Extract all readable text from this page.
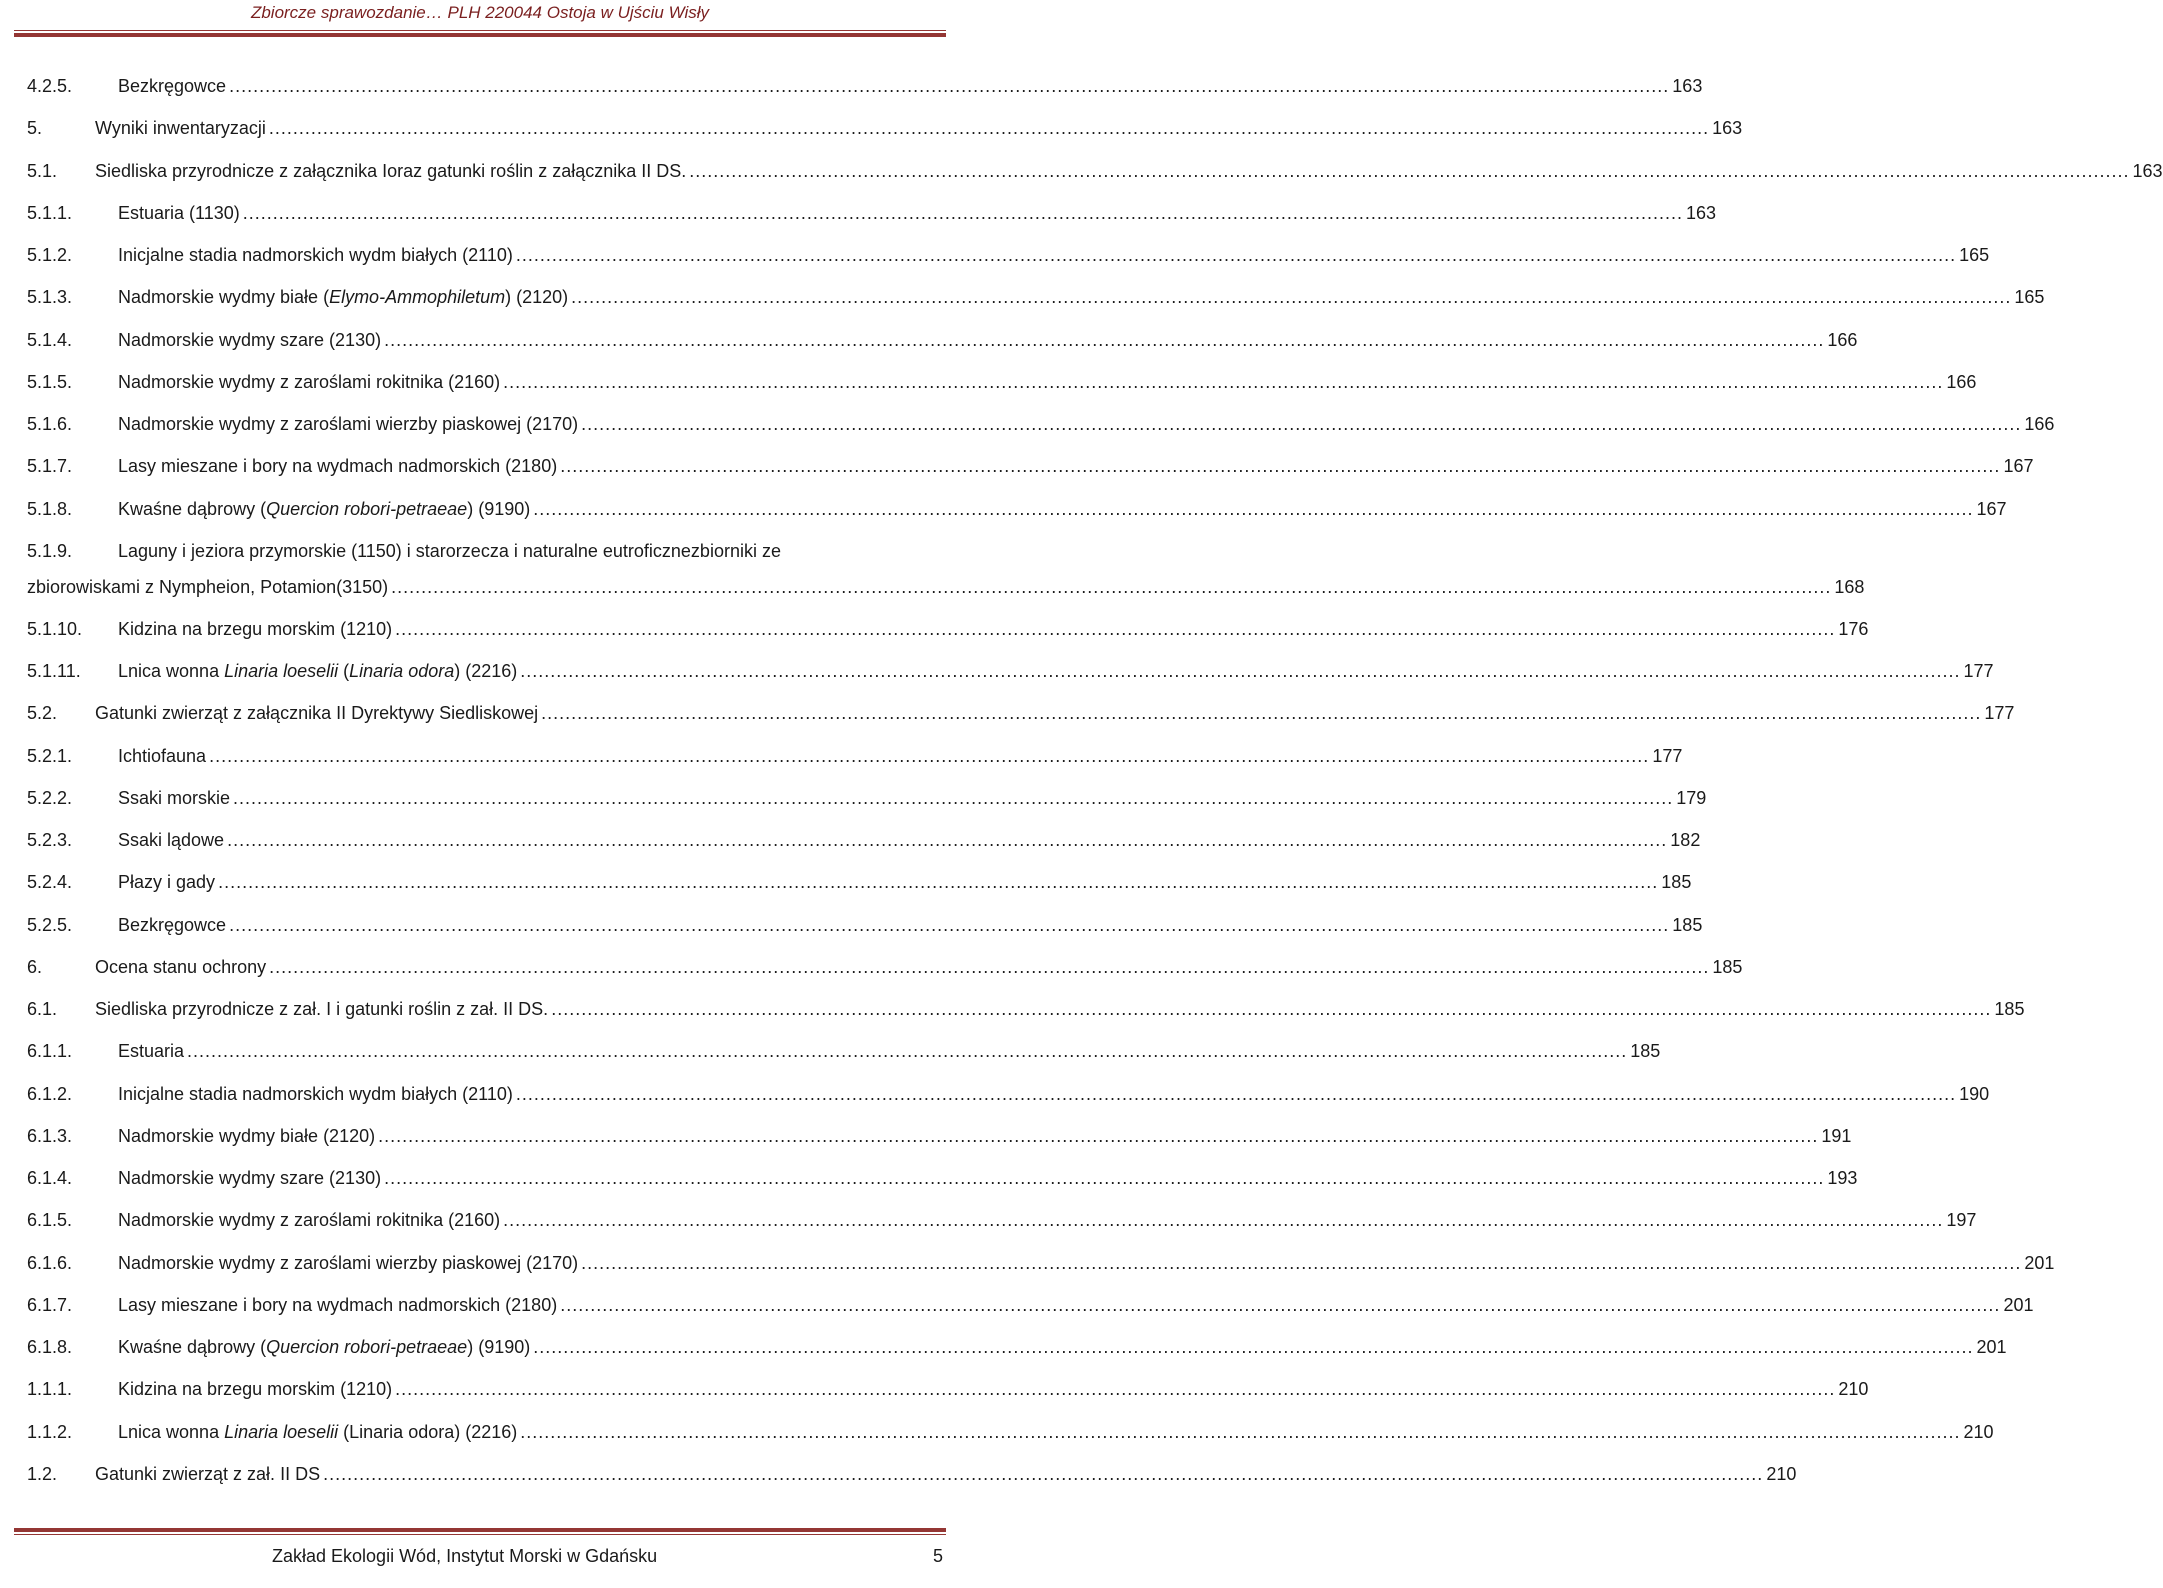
Zbiorcze sprawozdanie… PLH 220044 Ostoja w Ujściu Wisły
4.2.5.	Bezkręgowce ................................................................................................................................................................................................................................................ 163
5.	Wyniki inwentaryzacji ................................................................................................................................................................................................................................................ 163
5.1.	Siedliska przyrodnicze z załącznika Ioraz gatunki roślin z załącznika II DS. ................................................................................................................................................................................................................................................ 163
5.1.1.	Estuaria (1130) ................................................................................................................................................................................................................................................ 163
5.1.2.	Inicjalne stadia nadmorskich wydm białych (2110) ................................................................................................................................................................................................................................................ 165
5.1.3.	Nadmorskie wydmy białe (Elymo-Ammophiletum) (2120) ................................................................................................................................................................................................................................................ 165
5.1.4.	Nadmorskie wydmy szare (2130) ................................................................................................................................................................................................................................................ 166
5.1.5.	Nadmorskie wydmy z zaroślami rokitnika (2160) ................................................................................................................................................................................................................................................ 166
5.1.6.	Nadmorskie wydmy z zaroślami wierzby piaskowej (2170) ................................................................................................................................................................................................................................................ 166
5.1.7.	Lasy mieszane i bory na wydmach nadmorskich (2180) ................................................................................................................................................................................................................................................ 167
5.1.8.	Kwaśne dąbrowy (Quercion robori-petraeae) (9190) ................................................................................................................................................................................................................................................ 167
5.1.9.	Laguny i jeziora przymorskie (1150) i starorzecza i naturalne eutroficznezbiorniki ze
zbiorowiskami z Nympheion, Potamion(3150) ................................................................................................................................................................................................................................................ 168
5.1.10.	Kidzina na brzegu morskim (1210) ................................................................................................................................................................................................................................................ 176
5.1.11.	Lnica wonna Linaria loeselii (Linaria odora) (2216) ................................................................................................................................................................................................................................................ 177
5.2.	Gatunki zwierząt z załącznika II Dyrektywy Siedliskowej ................................................................................................................................................................................................................................................ 177
5.2.1.	Ichtiofauna ................................................................................................................................................................................................................................................ 177
5.2.2.	Ssaki morskie ................................................................................................................................................................................................................................................ 179
5.2.3.	Ssaki lądowe ................................................................................................................................................................................................................................................ 182
5.2.4.	Płazy i gady ................................................................................................................................................................................................................................................ 185
5.2.5.	Bezkręgowce ................................................................................................................................................................................................................................................ 185
6.	Ocena stanu ochrony ................................................................................................................................................................................................................................................ 185
6.1.	Siedliska przyrodnicze z zał. I i gatunki roślin z zał. II DS. ................................................................................................................................................................................................................................................ 185
6.1.1.	Estuaria ................................................................................................................................................................................................................................................ 185
6.1.2.	Inicjalne stadia nadmorskich wydm białych (2110) ................................................................................................................................................................................................................................................ 190
6.1.3.	Nadmorskie wydmy białe (2120) ................................................................................................................................................................................................................................................ 191
6.1.4.	Nadmorskie wydmy szare (2130) ................................................................................................................................................................................................................................................ 193
6.1.5.	Nadmorskie wydmy z zaroślami rokitnika (2160) ................................................................................................................................................................................................................................................ 197
6.1.6.	Nadmorskie wydmy z zaroślami wierzby piaskowej (2170) ................................................................................................................................................................................................................................................ 201
6.1.7.	Lasy mieszane i bory na wydmach nadmorskich (2180) ................................................................................................................................................................................................................................................ 201
6.1.8.	Kwaśne dąbrowy (Quercion robori-petraeae) (9190) ................................................................................................................................................................................................................................................ 201
1.1.1.	Kidzina na brzegu morskim (1210) ................................................................................................................................................................................................................................................ 210
1.1.2.	Lnica wonna Linaria loeselii (Linaria odora) (2216) ................................................................................................................................................................................................................................................ 210
1.2.	Gatunki zwierząt z zał. II DS ................................................................................................................................................................................................................................................ 210
Zakład Ekologii Wód, Instytut Morski w Gdańsku	5
